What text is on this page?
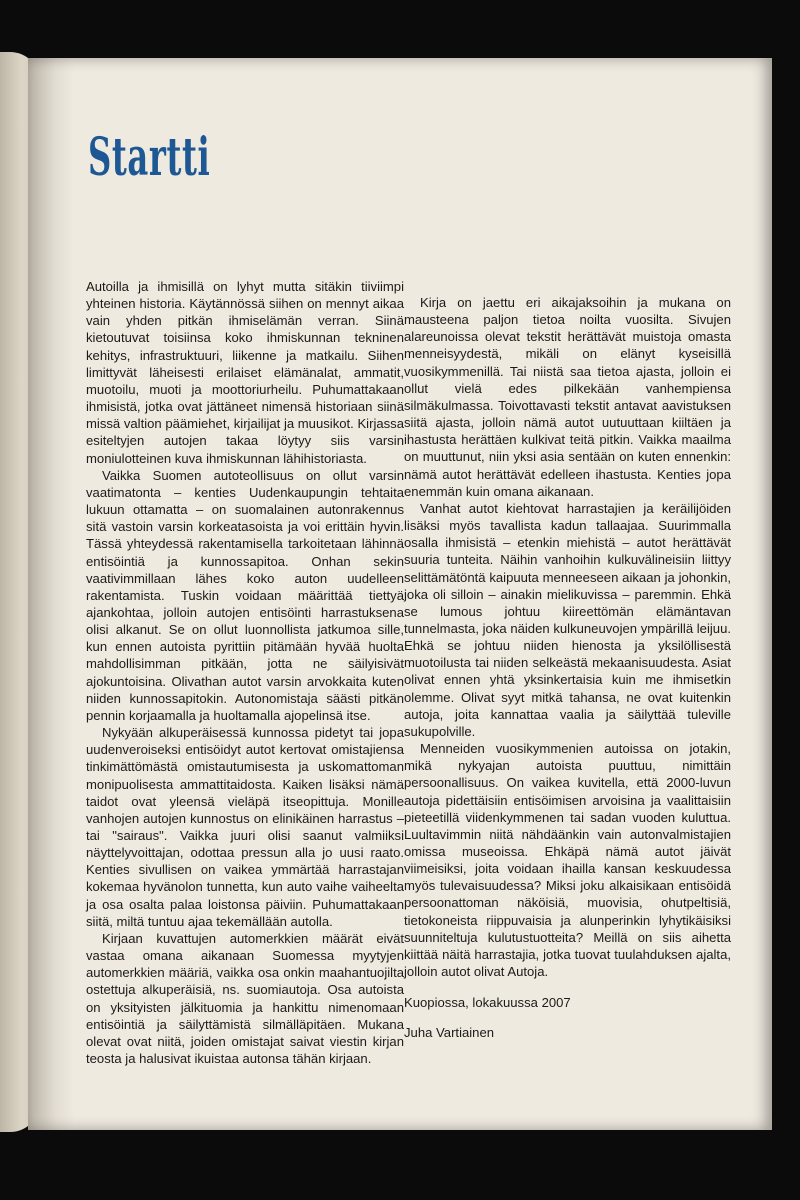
Startti

Autoilla ja ihmisillä on lyhyt mutta sitäkin tiiviimpi yhteinen historia. Käytännössä siihen on mennyt aikaa vain yhden pitkän ihmiselämän verran. Siinä kietoutuvat toisiinsa koko ihmiskunnan tekninen kehitys, infrastruktuuri, liikenne ja matkailu. Siihen limittyvät läheisesti erilaiset elämänalat, ammatit, muotoilu, muoti ja moottoriurheilu. Puhumattakaan ihmisistä, jotka ovat jättäneet nimensä historiaan siinä missä valtion päämiehet, kirjailijat ja muusikot. Kirjassa esiteltyjen autojen takaa löytyy siis varsin moniulotteinen kuva ihmiskunnan lähihistoriasta.

Vaikka Suomen autoteollisuus on ollut varsin vaatimatonta – kenties Uudenkaupungin tehtaita lukuun ottamatta – on suomalainen autonrakennus sitä vastoin varsin korkeatasoista ja voi erittäin hyvin. Tässä yhteydessä rakentamisella tarkoitetaan lähinnä entisöintiä ja kunnossapitoa. Onhan sekin vaativimmillaan lähes koko auton uudelleen rakentamista. Tuskin voidaan määrittää tiettyä ajankohtaa, jolloin autojen entisöinti harrastuksena olisi alkanut. Se on ollut luonnollista jatkumoa sille, kun ennen autoista pyrittiin pitämään hyvää huolta mahdollisimman pitkään, jotta ne säilyisivät ajokuntoisina. Olivathan autot varsin arvokkaita kuten niiden kunnossapitokin. Autonomistaja säästi pitkän pennin korjaamalla ja huoltamalla ajopelinsä itse.

Nykyään alkuperäisessä kunnossa pidetyt tai jopa uudenveroiseksi entisöidyt autot kertovat omistajiensa tinkimättömästä omistautumisesta ja uskomattoman monipuolisesta ammattitaidosta. Kaiken lisäksi nämä taidot ovat yleensä vieläpä itseopittuja. Monille vanhojen autojen kunnostus on elinikäinen harrastus – tai "sairaus". Vaikka juuri olisi saanut valmiiksi näyttelyvoittajan, odottaa pressun alla jo uusi raato. Kenties sivullisen on vaikea ymmärtää harrastajan kokemaa hyvänolon tunnetta, kun auto vaihe vaiheelta ja osa osalta palaa loistonsa päiviin. Puhumattakaan siitä, miltä tuntuu ajaa tekemällään autolla.

Kirjaan kuvattujen automerkkien määrät eivät vastaa omana aikanaan Suomessa myytyjen automerkkien määriä, vaikka osa onkin maahantuojilta ostettuja alkuperäisiä, ns. suomiautoja. Osa autoista on yksityisten jälkituomia ja hankittu nimenomaan entisöintiä ja säilyttämistä silmälläpitäen. Mukana olevat ovat niitä, joiden omistajat saivat viestin kirjan teosta ja halusivat ikuistaa autonsa tähän kirjaan.

Kirja on jaettu eri aikajaksoihin ja mukana on mausteena paljon tietoa noilta vuosilta. Sivujen alareunoissa olevat tekstit herättävät muistoja omasta menneisyydestä, mikäli on elänyt kyseisillä vuosikymmenillä. Tai niistä saa tietoa ajasta, jolloin ei ollut vielä edes pilkekään vanhempiensa silmäkulmassa. Toivottavasti tekstit antavat aavistuksen siitä ajasta, jolloin nämä autot uutuuttaan kiiltäen ja ihastusta herättäen kulkivat teitä pitkin. Vaikka maailma on muuttunut, niin yksi asia sentään on kuten ennenkin: nämä autot herättävät edelleen ihastusta. Kenties jopa enemmän kuin omana aikanaan.

Vanhat autot kiehtovat harrastajien ja keräilijöiden lisäksi myös tavallista kadun tallaajaa. Suurimmalla osalla ihmisistä – etenkin miehistä – autot herättävät suuria tunteita. Näihin vanhoihin kulkuvälineisiin liittyy selittämätöntä kaipuuta menneeseen aikaan ja johonkin, joka oli silloin – ainakin mielikuvissa – paremmin. Ehkä se lumous johtuu kiireettömän elämäntavan tunnelmasta, joka näiden kulkuneuvojen ympärillä leijuu. Ehkä se johtuu niiden hienosta ja yksilöllisestä muotoilusta tai niiden selkeästä mekaanisuudesta. Asiat olivat ennen yhtä yksinkertaisia kuin me ihmisetkin olemme. Olivat syyt mitkä tahansa, ne ovat kuitenkin autoja, joita kannattaa vaalia ja säilyttää tuleville sukupolville.

Menneiden vuosikymmenien autoissa on jotakin, mikä nykyajan autoista puuttuu, nimittäin persoonallisuus. On vaikea kuvitella, että 2000-luvun autoja pidettäisiin entisöimisen arvoisina ja vaalittaisiin pieteetillä viidenkymmenen tai sadan vuoden kuluttua. Luultavimmin niitä nähdäänkin vain autonvalmistajien omissa museoissa. Ehkäpä nämä autot jäivät viimeisiksi, joita voidaan ihailla kansan keskuudessa myös tulevaisuudessa? Miksi joku alkaisikaan entisöidä persoonattoman näköisiä, muovisia, ohutpeltisiä, tietokoneista riippuvaisia ja alunperinkin lyhytikäisiksi suunniteltuja kulutustuotteita? Meillä on siis aihetta kiittää näitä harrastajia, jotka tuovat tuulahduksen ajalta, jolloin autot olivat Autoja.

Kuopiossa, lokakuussa 2007

Juha Vartiainen
